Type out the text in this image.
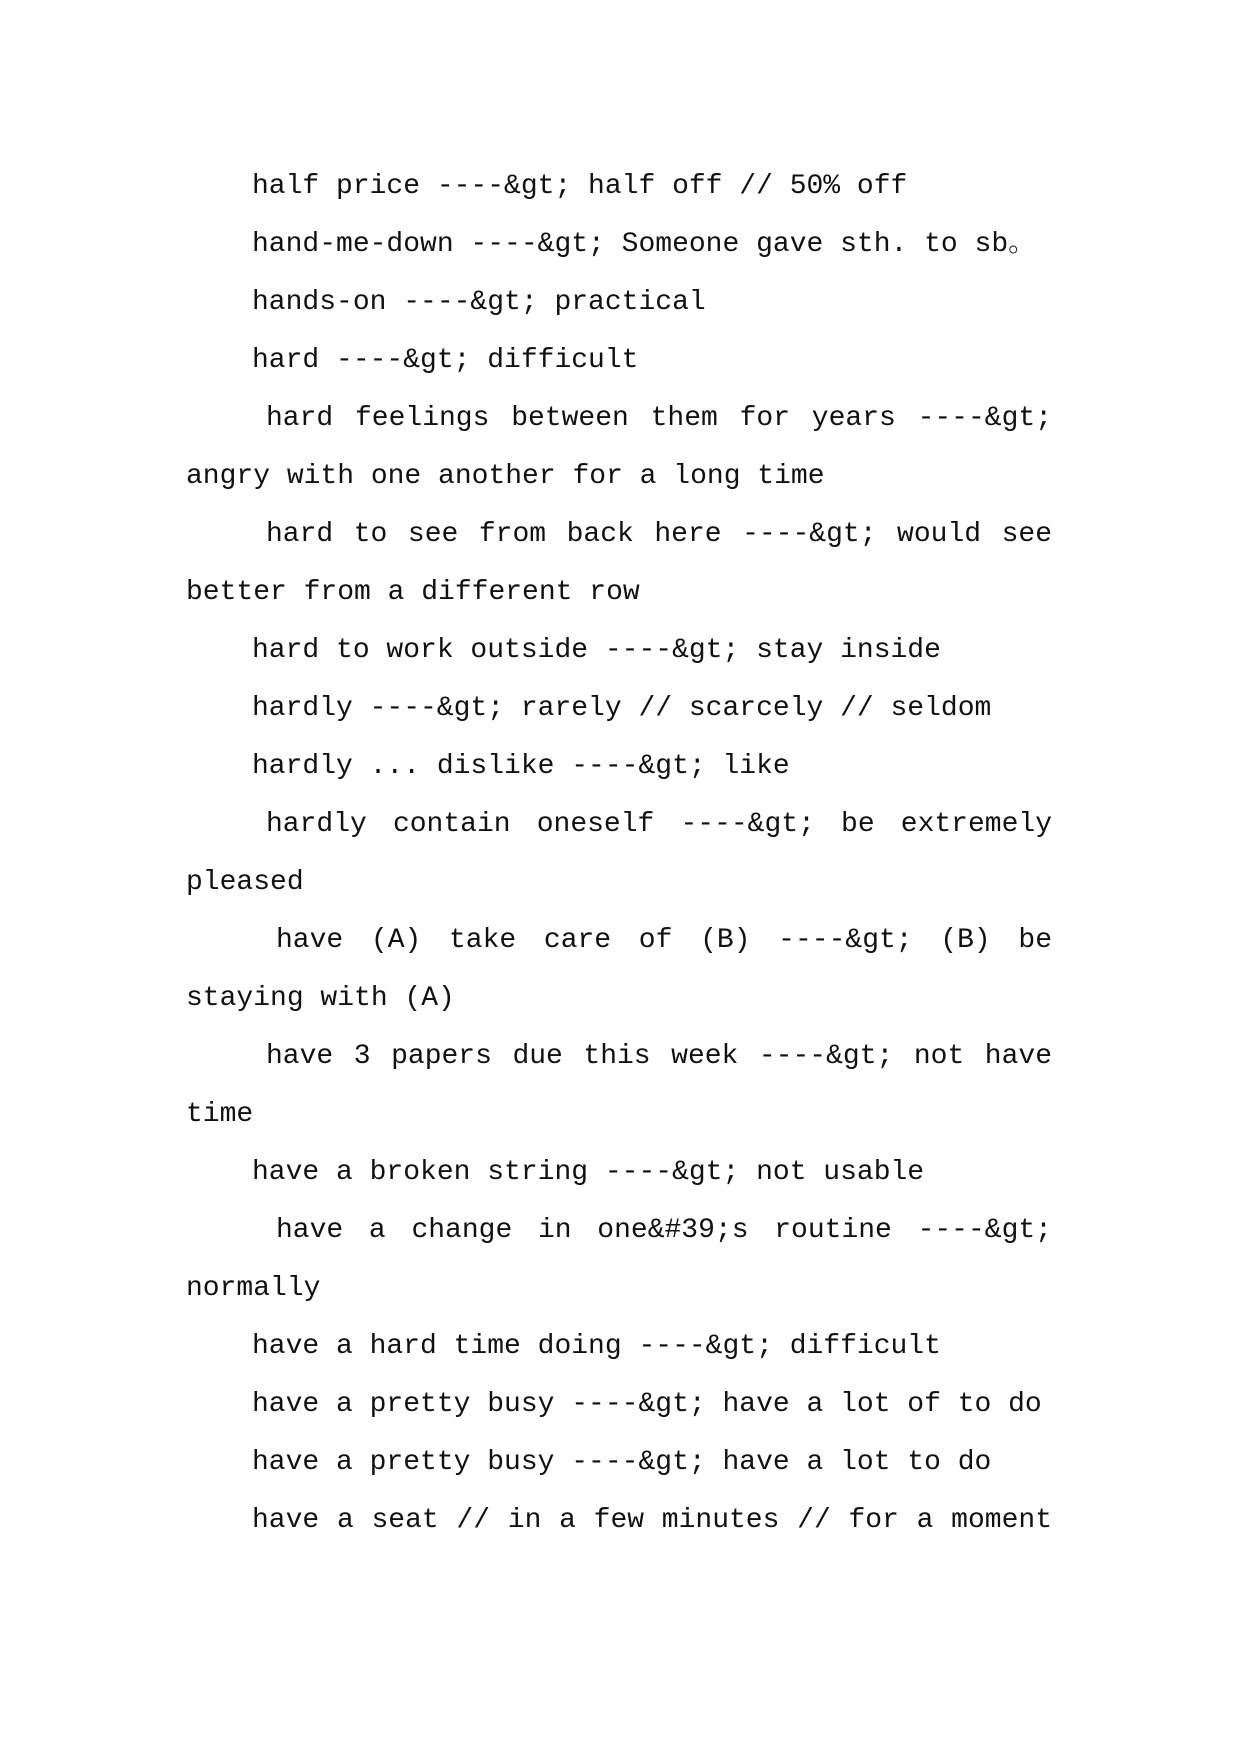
half price ----&gt; half off // 50% off
hand-me-down ----&gt; Someone gave sth. to sb。
hands-on ----&gt; practical
hard ----&gt; difficult
hard feelings between them for years ----&gt;
angry with one another for a long time
hard to see from back here ----&gt; would see
better from a different row
hard to work outside ----&gt; stay inside
hardly ----&gt; rarely // scarcely // seldom
hardly ... dislike ----&gt; like
hardly contain oneself ----&gt; be extremely
pleased
have (A) take care of (B) ----&gt; (B) be
staying with (A)
have 3 papers due this week ----&gt; not have
time
have a broken string ----&gt; not usable
have a change in one&#39;s routine ----&gt;
normally
have a hard time doing ----&gt; difficult
have a pretty busy ----&gt; have a lot of to do
have a pretty busy ----&gt; have a lot to do
have a seat // in a few minutes // for a moment
